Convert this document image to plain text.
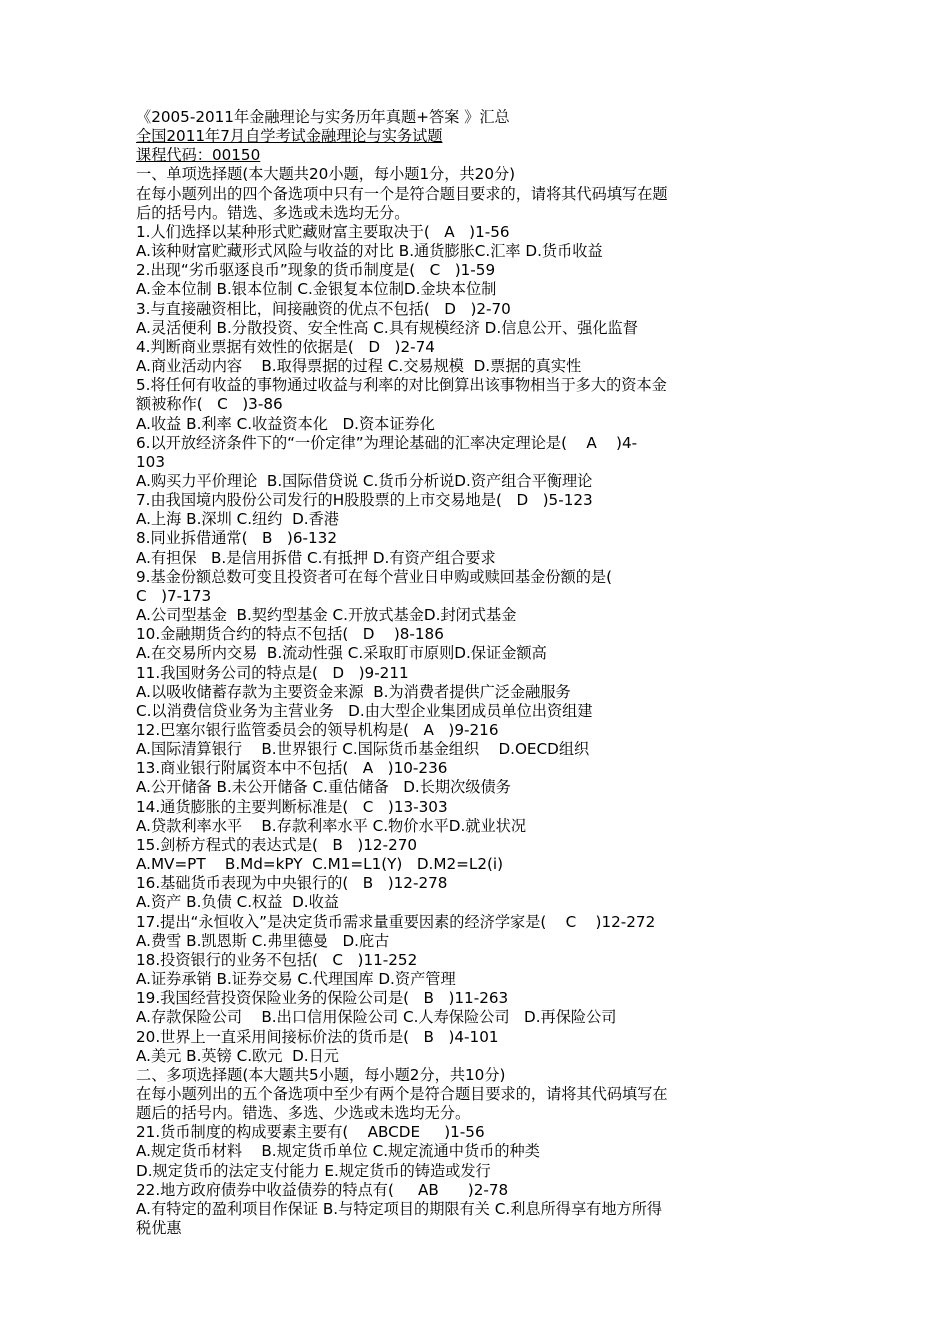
《2005-2011年金融理论与实务历年真题+答案 》汇总
全国2011年7月自学考试金融理论与实务试题
课程代码：00150
一、单项选择题(本大题共20小题，每小题1分，共20分)
在每小题列出的四个备选项中只有一个是符合题目要求的，请将其代码填写在题
后的括号内。错选、多选或未选均无分。
1.人们选择以某种形式贮藏财富主要取决于(   A   )1-56
A.该种财富贮藏形式风险与收益的对比 B.通货膨胀C.汇率 D.货币收益
2.出现“劣币驱逐良币”现象的货币制度是(   C   )1-59
A.金本位制 B.银本位制 C.金银复本位制D.金块本位制
3.与直接融资相比，间接融资的优点不包括(   D   )2-70
A.灵活便利 B.分散投资、安全性高 C.具有规模经济 D.信息公开、强化监督
4.判断商业票据有效性的依据是(   D   )2-74
A.商业活动内容    B.取得票据的过程 C.交易规模  D.票据的真实性
5.将任何有收益的事物通过收益与利率的对比倒算出该事物相当于多大的资本金
额被称作(   C   )3-86
A.收益 B.利率 C.收益资本化   D.资本证券化
6.以开放经济条件下的“一价定律”为理论基础的汇率决定理论是(    A    )4-
103
A.购买力平价理论  B.国际借贷说 C.货币分析说D.资产组合平衡理论
7.由我国境内股份公司发行的H股股票的上市交易地是(   D   )5-123
A.上海 B.深圳 C.纽约  D.香港
8.同业拆借通常(   B   )6-132
A.有担保   B.是信用拆借 C.有抵押 D.有资产组合要求
9.基金份额总数可变且投资者可在每个营业日申购或赎回基金份额的是(
C   )7-173
A.公司型基金  B.契约型基金 C.开放式基金D.封闭式基金
10.金融期货合约的特点不包括(   D    )8-186
A.在交易所内交易  B.流动性强 C.采取盯市原则D.保证金额高
11.我国财务公司的特点是(   D   )9-211
A.以吸收储蓄存款为主要资金来源  B.为消费者提供广泛金融服务
C.以消费信贷业务为主营业务   D.由大型企业集团成员单位出资组建
12.巴塞尔银行监管委员会的领导机构是(   A   )9-216
A.国际清算银行    B.世界银行 C.国际货币基金组织    D.OECD组织
13.商业银行附属资本中不包括(   A   )10-236
A.公开储备 B.未公开储备 C.重估储备   D.长期次级债务
14.通货膨胀的主要判断标准是(   C   )13-303
A.贷款利率水平    B.存款利率水平 C.物价水平D.就业状况
15.剑桥方程式的表达式是(   B   )12-270
A.MV=PT    B.Md=kPY  C.M1=L1(Y)   D.M2=L2(i)
16.基础货币表现为中央银行的(   B   )12-278
A.资产 B.负债 C.权益  D.收益
17.提出“永恒收入”是决定货币需求量重要因素的经济学家是(    C    )12-272
A.费雪 B.凯恩斯 C.弗里德曼   D.庇古
18.投资银行的业务不包括(   C   )11-252
A.证券承销 B.证券交易 C.代理国库 D.资产管理
19.我国经营投资保险业务的保险公司是(   B   )11-263
A.存款保险公司    B.出口信用保险公司 C.人寿保险公司   D.再保险公司
20.世界上一直采用间接标价法的货币是(   B   )4-101
A.美元 B.英镑 C.欧元  D.日元
二、多项选择题(本大题共5小题，每小题2分，共10分)
在每小题列出的五个备选项中至少有两个是符合题目要求的，请将其代码填写在
题后的括号内。错选、多选、少选或未选均无分。
21.货币制度的构成要素主要有(    ABCDE     )1-56
A.规定货币材料    B.规定货币单位 C.规定流通中货币的种类
D.规定货币的法定支付能力 E.规定货币的铸造或发行
22.地方政府债券中收益债券的特点有(     AB      )2-78
A.有特定的盈利项目作保证 B.与特定项目的期限有关 C.利息所得享有地方所得
税优惠
